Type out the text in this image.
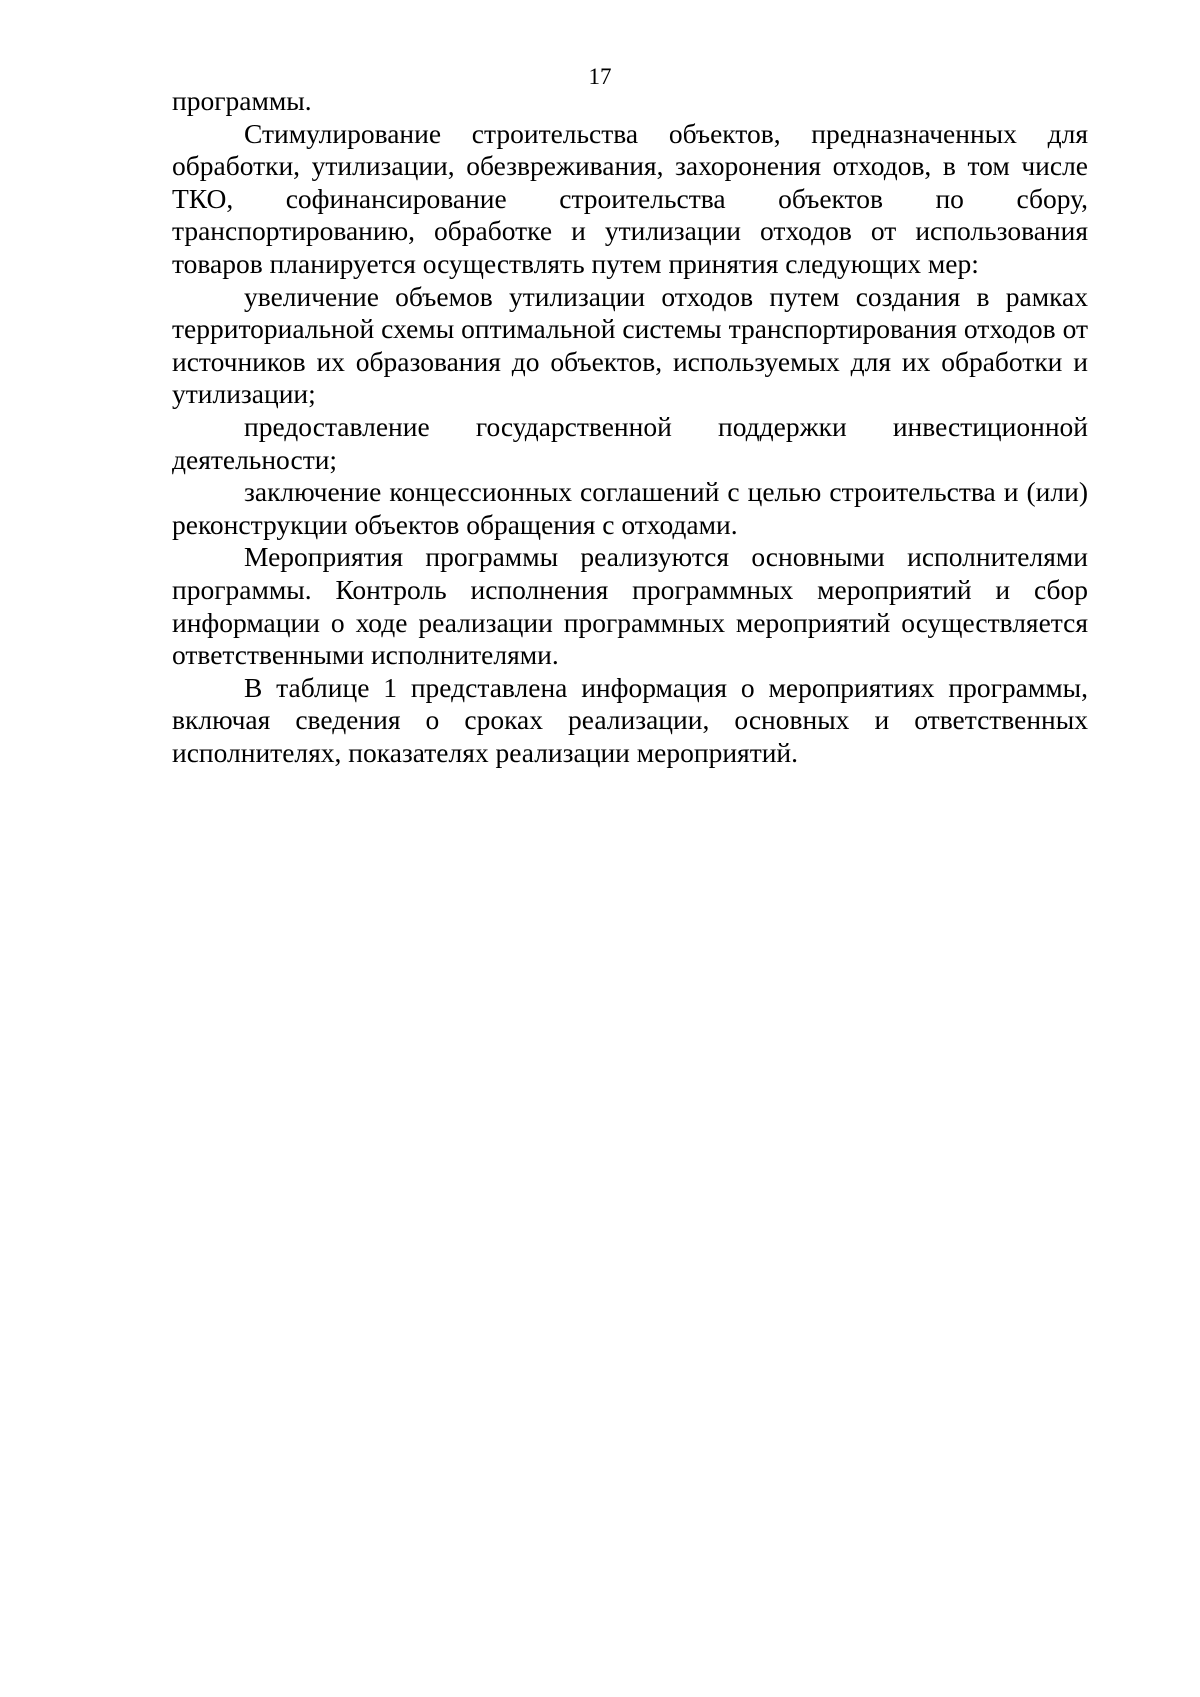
17

программы.

Стимулирование строительства объектов, предназначенных для обработки, утилизации, обезвреживания, захоронения отходов, в том числе ТКО, софинансирование строительства объектов по сбору, транспортированию, обработке и утилизации отходов от использования товаров планируется осуществлять путем принятия следующих мер:

увеличение объемов утилизации отходов путем создания в рамках территориальной схемы оптимальной системы транспортирования отходов от источников их образования до объектов, используемых для их обработки и утилизации;

предоставление государственной поддержки инвестиционной деятельности;

заключение концессионных соглашений с целью строительства и (или) реконструкции объектов обращения с отходами.

Мероприятия программы реализуются основными исполнителями программы. Контроль исполнения программных мероприятий и сбор информации о ходе реализации программных мероприятий осуществляется ответственными исполнителями.

В таблице 1 представлена информация о мероприятиях программы, включая сведения о сроках реализации, основных и ответственных исполнителях, показателях реализации мероприятий.
